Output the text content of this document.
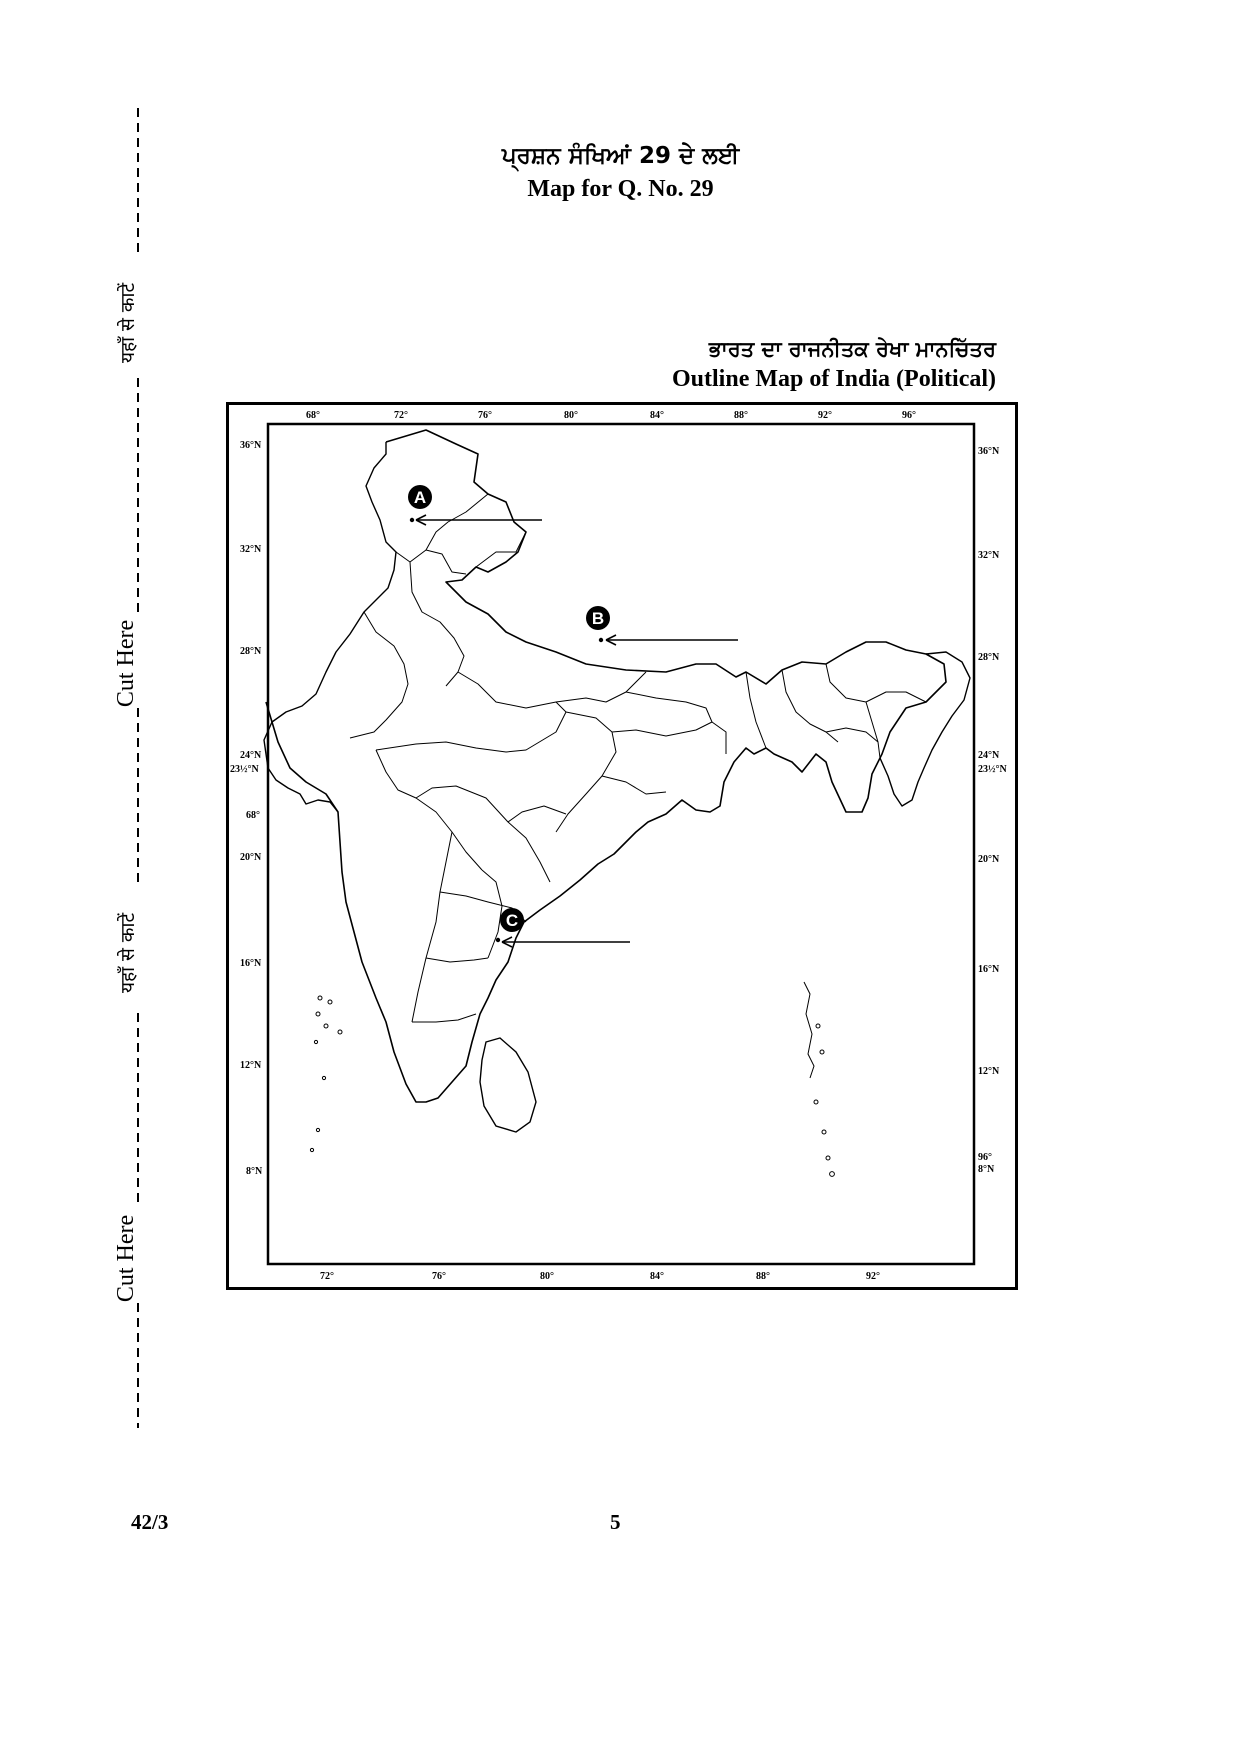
यहाँ से काटें
Cut Here
यहाँ से काटें
Cut Here
ਪ੍ਰਸ਼ਨ ਸੰਖਿਆਂ 29 ਦੇ ਲਈ
Map for Q. No. 29
ਭਾਰਤ ਦਾ ਰਾਜਨੀਤਕ ਰੇਖਾ ਮਾਨਚਿੱਤਰ
Outline Map of India (Political)
68°	72°	76°	80°	84°	88°	92°	96°
72°	76°	80°	84°	88°	92°
36°N
32°N
28°N
24°N
23½°N
68°
20°N
16°N
12°N
8°N
36°N
32°N
28°N
24°N
23½°N
20°N
16°N
12°N
96°
8°N
A
B
C
42/3	5
